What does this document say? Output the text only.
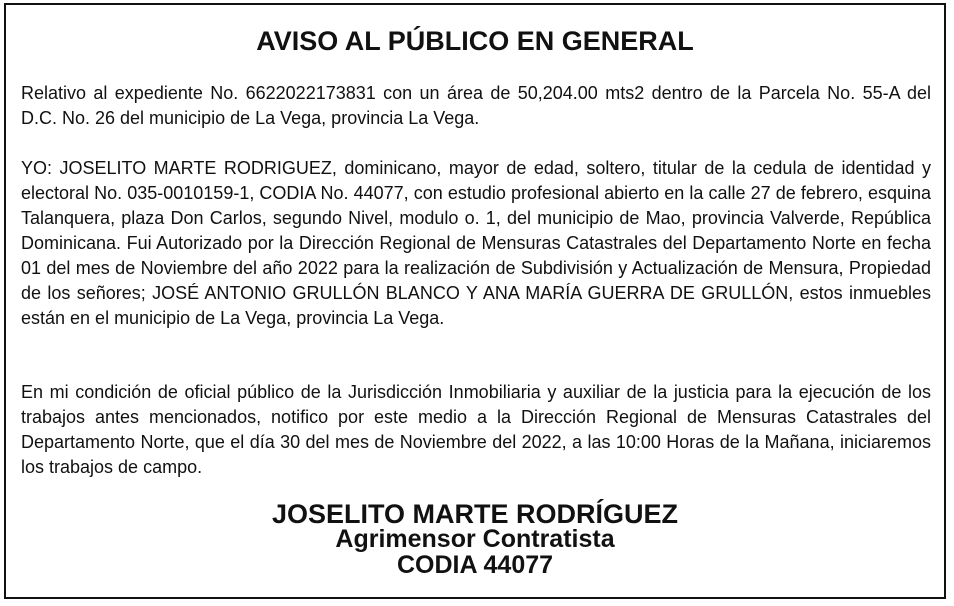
AVISO AL PÚBLICO EN GENERAL

Relativo al expediente No. 6622022173831 con un área de 50,204.00 mts2 dentro de la Parcela No. 55-A del D.C. No. 26 del municipio de La Vega, provincia La Vega.

YO: JOSELITO MARTE RODRIGUEZ, dominicano, mayor de edad, soltero, titular de la cedula de identidad y electoral No. 035-0010159-1, CODIA No. 44077, con estudio profesional abierto en la calle 27 de febrero, esquina Talanquera, plaza Don Carlos, segundo Nivel, modulo o. 1, del municipio de Mao, provincia Valverde, República Dominicana. Fui Autorizado por la Dirección Regional de Mensuras Catastrales del Departamento Norte en fecha 01 del mes de Noviembre del año 2022 para la realización de Subdivisión y Actualización de Mensura, Propiedad de los señores; JOSÉ ANTONIO GRULLÓN BLANCO Y ANA MARÍA GUERRA DE GRULLÓN, estos inmuebles están en el municipio de La Vega, provincia La Vega.

En mi condición de oficial público de la Jurisdicción Inmobiliaria y auxiliar de la justicia para la ejecución de los trabajos antes mencionados, notifico por este medio a la Dirección Regional de Mensuras Catastrales del Departamento Norte, que el día 30 del mes de Noviembre del 2022, a las 10:00 Horas de la Mañana, iniciaremos los trabajos de campo.

JOSELITO MARTE RODRÍGUEZ
Agrimensor Contratista
CODIA 44077
